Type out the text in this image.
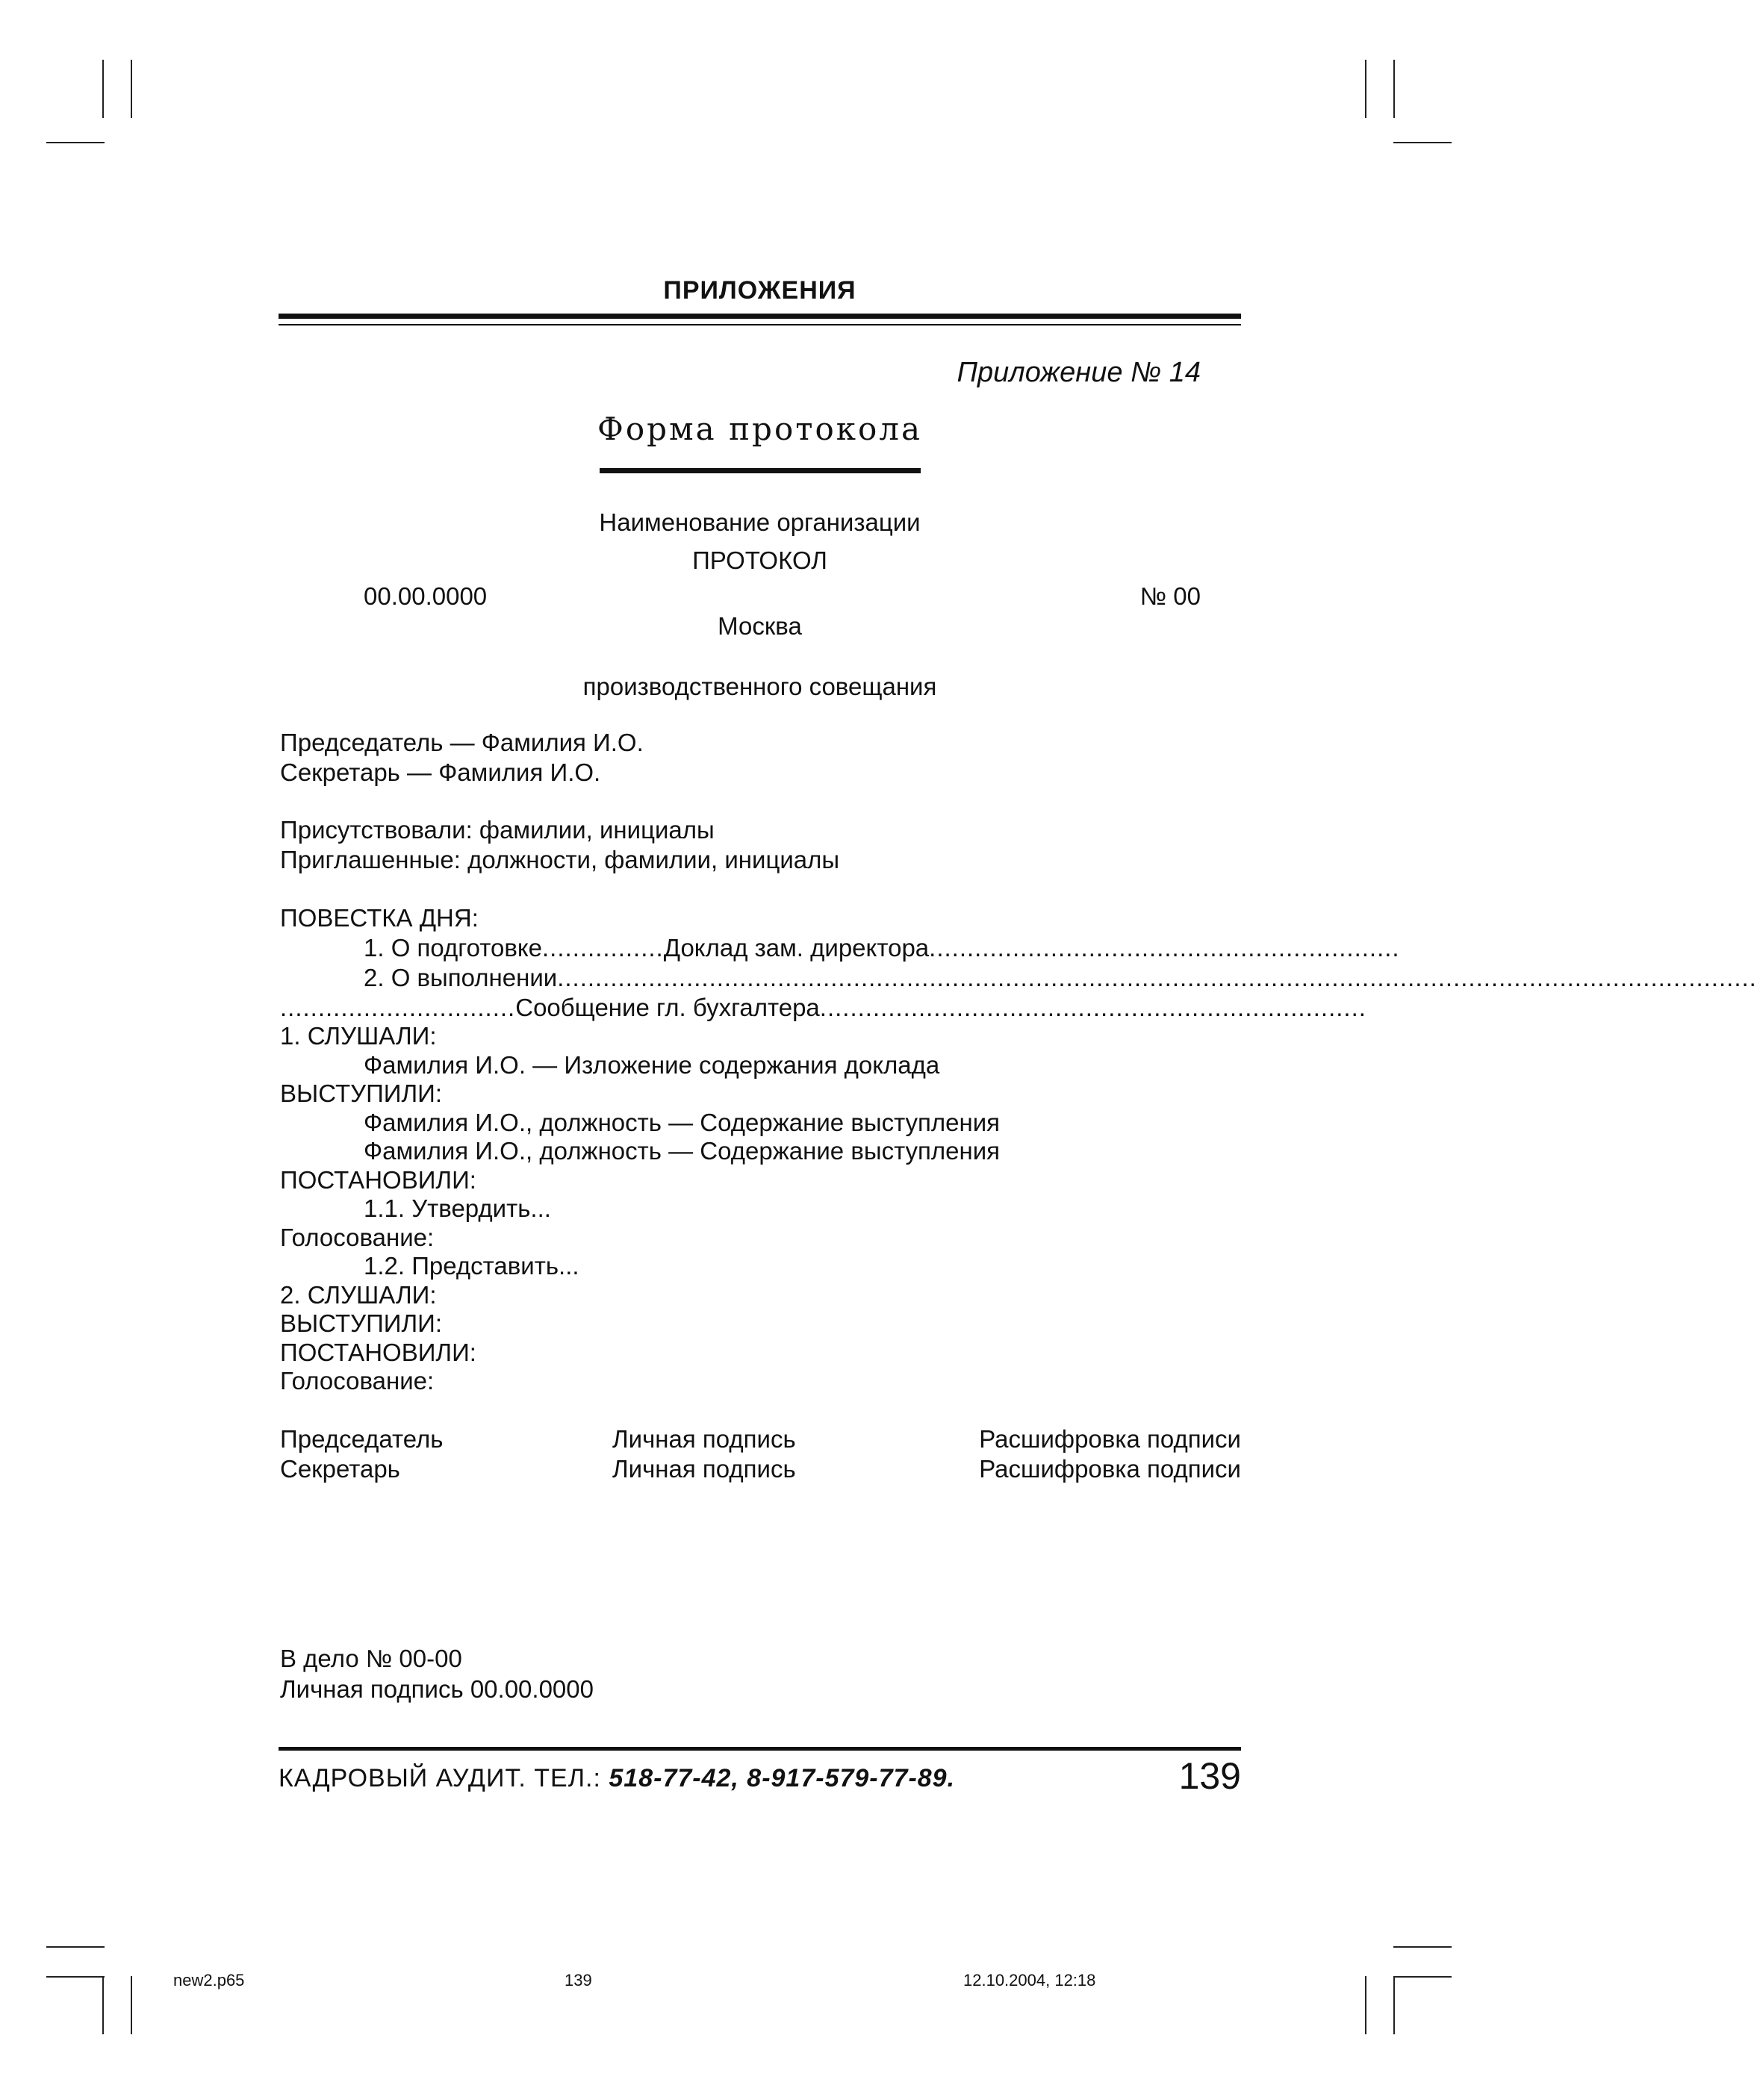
ПРИЛОЖЕНИЯ
Приложение № 14
Форма протокола
Наименование организации
ПРОТОКОЛ
00.00.0000	№ 00
Москва
производственного совещания
Председатель — Фамилия И.О.
Секретарь — Фамилия И.О.
Присутствовали: фамилии, инициалы
Приглашенные: должности, фамилии, инициалы
ПОВЕСТКА ДНЯ:
1. О подготовке ................ Доклад зам. директора ..............................................................
2. О выполнении ..............................................................................................................................................................
............................... Сообщение гл. бухгалтера ........................................................................
1. СЛУШАЛИ:
Фамилия И.О. — Изложение содержания доклада
ВЫСТУПИЛИ:
Фамилия И.О., должность — Содержание выступления
Фамилия И.О., должность — Содержание выступления
ПОСТАНОВИЛИ:
1.1. Утвердить...
Голосование:
1.2. Представить...
2. СЛУШАЛИ:
ВЫСТУПИЛИ:
ПОСТАНОВИЛИ:
Голосование:
Председатель	Личная подпись	Расшифровка подписи
Секретарь	Личная подпись	Расшифровка подписи
В дело № 00-00
Личная подпись 00.00.0000
КАДРОВЫЙ АУДИТ. ТЕЛ.: 518-77-42, 8-917-579-77-89.	139
new2.p65	139	12.10.2004, 12:18
